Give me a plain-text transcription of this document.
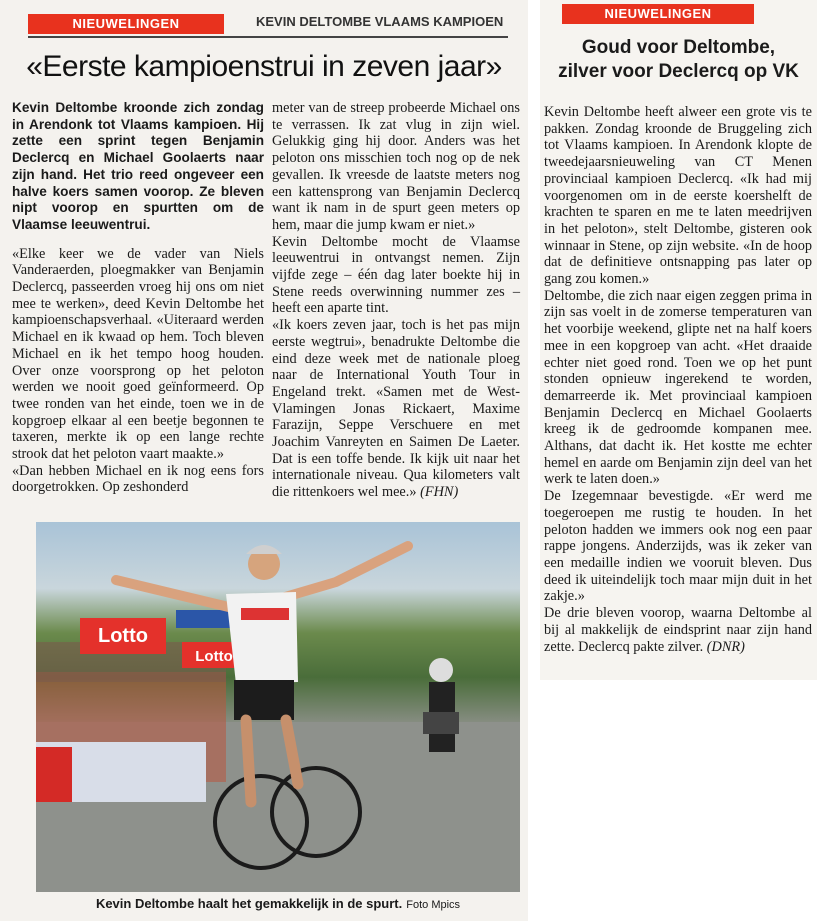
NIEUWELINGEN	KEVIN DELTOMBE VLAAMS KAMPIOEN
«Eerste kampioenstrui in zeven jaar»

Kevin Deltombe kroonde zich zondag in Arendonk tot Vlaams kampioen. Hij zette een sprint tegen Benjamin Declercq en Michael Goolaerts naar zijn hand. Het trio reed ongeveer een halve koers samen voorop. Ze bleven nipt voorop en spurtten om de Vlaamse leeuwentrui.

«Elke keer we de vader van Niels Vanderaerden, ploegmakker van Benjamin Declercq, passeerden vroeg hij ons om niet mee te werken», deed Kevin Deltombe het kampioenschapsverhaal. «Uiteraard werden Michael en ik kwaad op hem. Toch bleven Michael en ik het tempo hoog houden. Over onze voorsprong op het peloton werden we nooit goed geïnformeerd. Op twee ronden van het einde, toen we in de kopgroep elkaar al een beetje begonnen te taxeren, merkte ik op een lange rechte strook dat het peloton vaart maakte.»

«Dan hebben Michael en ik nog eens fors doorgetrokken. Op zeshonderd

meter van de streep probeerde Michael ons te verrassen. Ik zat vlug in zijn wiel. Gelukkig ging hij door. Anders was het peloton ons misschien toch nog op de nek gevallen. Ik vreesde de laatste meters nog een kattensprong van Benjamin Declercq want ik nam in de spurt geen meters op hem, maar die jump kwam er niet.»

Kevin Deltombe mocht de Vlaamse leeuwentrui in ontvangst nemen. Zijn vijfde zege – één dag later boekte hij in Stene reeds overwinning nummer zes – heeft een aparte tint.

«Ik koers zeven jaar, toch is het pas mijn eerste wegtrui», benadrukte Deltombe die eind deze week met de nationale ploeg naar de International Youth Tour in Engeland trekt. «Samen met de West-Vlamingen Jonas Rickaert, Maxime Farazijn, Seppe Verschuere en met Joachim Vanreyten en Saimen De Laeter. Dat is een toffe bende. Ik kijk uit naar het internationale niveau. Qua kilometers valt die rittenkoers wel mee.» (FHN)

Lotto
Lotto
Kevin Deltombe haalt het gemakkelijk in de spurt. Foto Mpics
NIEUWELINGEN
Goud voor Deltombe,
zilver voor Declercq op VK

Kevin Deltombe heeft alweer een grote vis te pakken. Zondag kroonde de Bruggeling zich tot Vlaams kampioen. In Arendonk klopte de tweedejaarsnieuweling van CT Menen provinciaal kampioen Declercq. «Ik had mij voorgenomen om in de eerste koershelft de krachten te sparen en me te laten meedrijven in het peloton», stelt Deltombe, gisteren ook winnaar in Stene, op zijn website. «In de hoop dat de definitieve ontsnapping pas later op gang zou komen.»

Deltombe, die zich naar eigen zeggen prima in zijn sas voelt in de zomerse temperaturen van het voorbije weekend, glipte net na half koers mee in een kopgroep van acht. «Het draaide echter niet goed rond. Toen we op het punt stonden opnieuw ingerekend te worden, demarreerde ik. Met provinciaal kampioen Benjamin Declercq en Michael Goolaerts kreeg ik de gedroomde kompanen mee. Althans, dat dacht ik. Het kostte me echter hemel en aarde om Benjamin zijn deel van het werk te laten doen.»

De Izegemnaar bevestigde. «Er werd me toegeroepen me rustig te houden. In het peloton hadden we immers ook nog een paar rappe jongens. Anderzijds, was ik zeker van een medaille indien we vooruit bleven. Dus deed ik uiteindelijk toch maar mijn duit in het zakje.»

De drie bleven voorop, waarna Deltombe al bij al makkelijk de eindsprint naar zijn hand zette. Declercq pakte zilver. (DNR)
